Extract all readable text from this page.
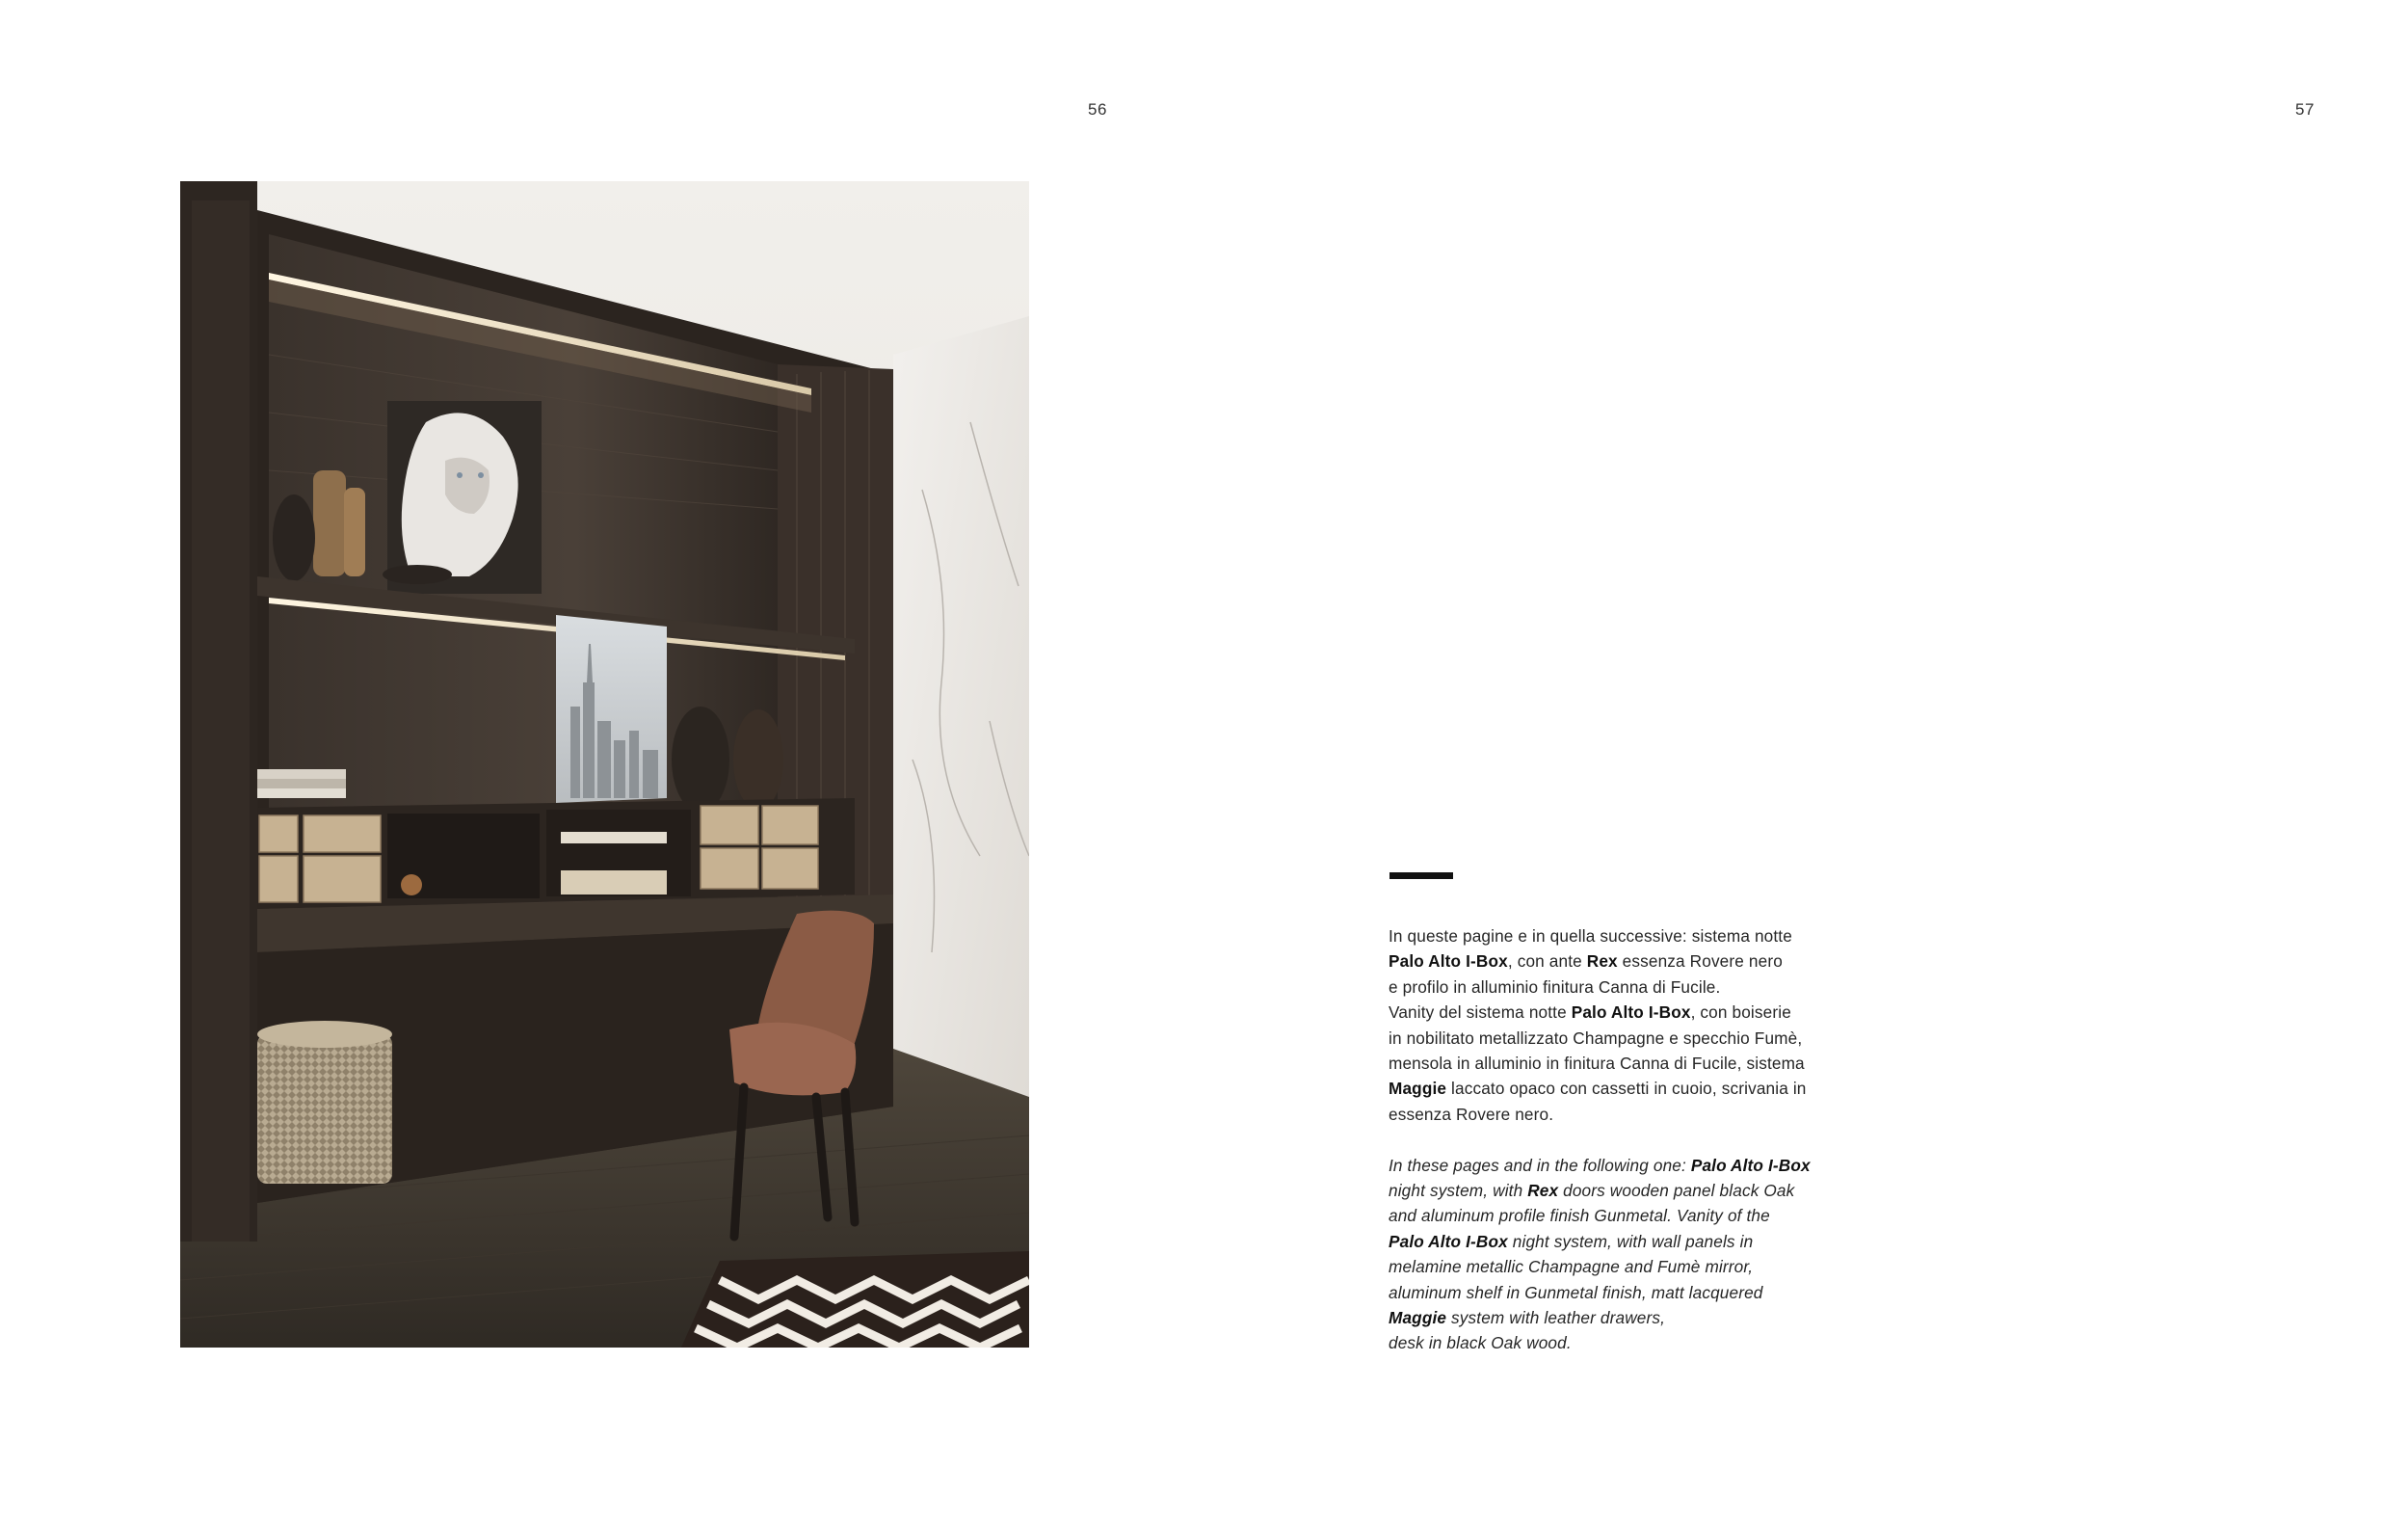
56	57

In queste pagine e in quella successive: sistema notte

Palo Alto I-Box, con ante Rex essenza Rovere nero

e profilo in alluminio finitura Canna di Fucile.

Vanity del sistema notte Palo Alto I-Box, con boiserie

in nobilitato metallizzato Champagne e specchio Fumè,

mensola in alluminio in finitura Canna di Fucile, sistema

Maggie laccato opaco con cassetti in cuoio, scrivania in

essenza Rovere nero.

In these pages and in the following one: Palo Alto I-Box

night system, with Rex doors wooden panel black Oak

and aluminum profile finish Gunmetal. Vanity of the

Palo Alto I-Box night system, with wall panels in

melamine metallic Champagne and Fumè mirror,

aluminum shelf in Gunmetal finish, matt lacquered

Maggie system with leather drawers,

desk in black Oak wood.
